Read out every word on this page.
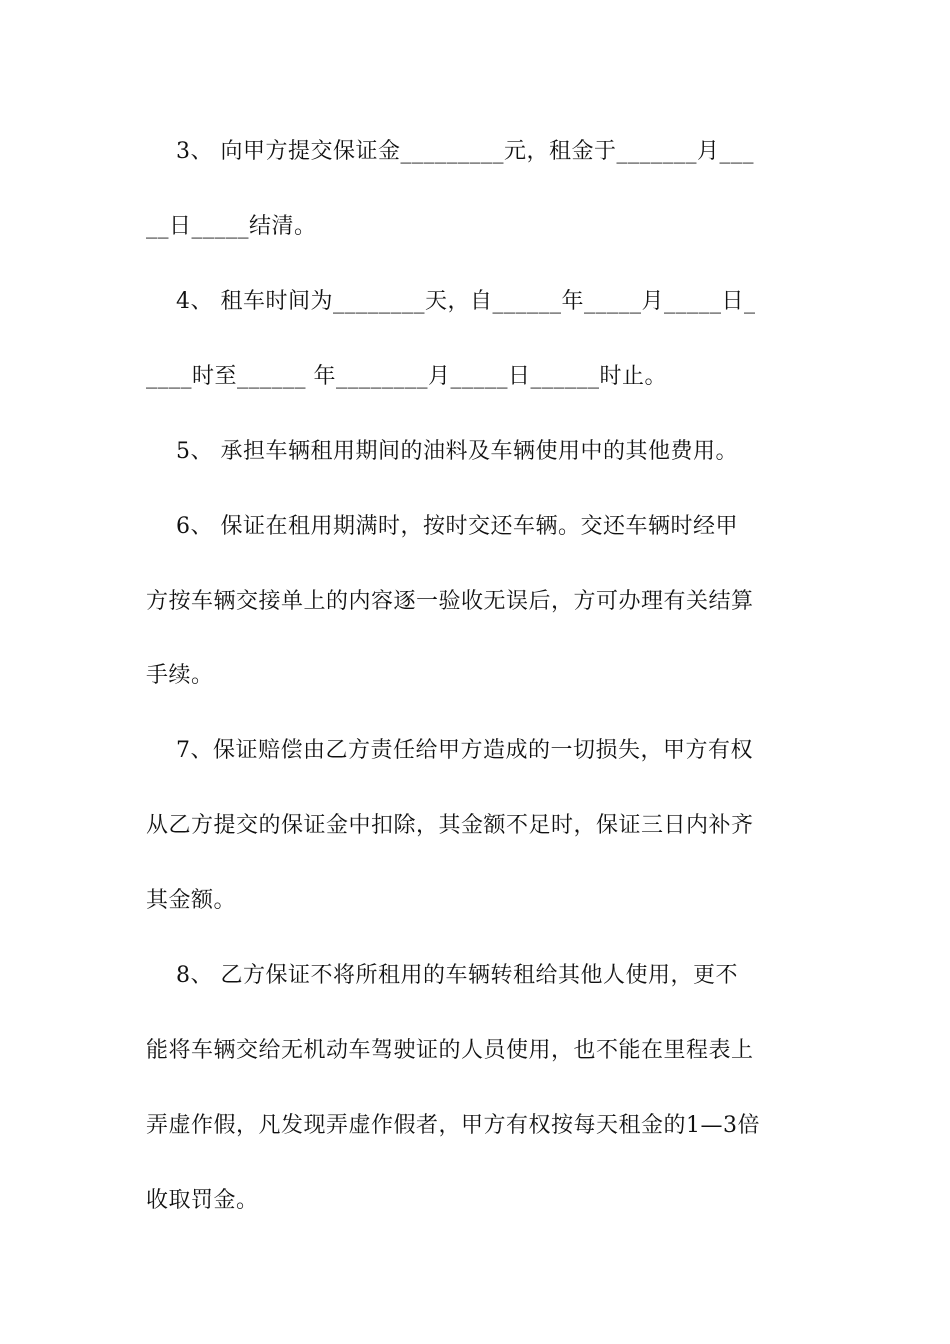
3、 向甲方提交保证金_________元，租金于_______月___
__日_____结清。
4、 租车时间为________天，自______年_____月_____日_
____时至______ 年________月_____日______时止。
5、 承担车辆租用期间的油料及车辆使用中的其他费用。
6、 保证在租用期满时，按时交还车辆。交还车辆时经甲
方按车辆交接单上的内容逐一验收无误后，方可办理有关结算
手续。
7、保证赔偿由乙方责任给甲方造成的一切损失，甲方有权
从乙方提交的保证金中扣除，其金额不足时，保证三日内补齐
其金额。
8、 乙方保证不将所租用的车辆转租给其他人使用，更不
能将车辆交给无机动车驾驶证的人员使用，也不能在里程表上
弄虚作假，凡发现弄虚作假者，甲方有权按每天租金的1—3倍
收取罚金。
